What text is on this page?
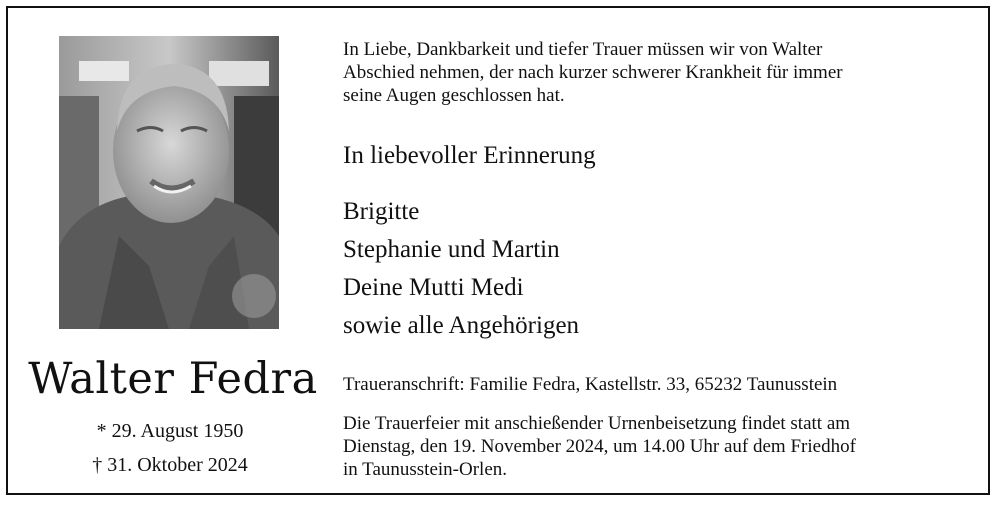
Walter Fedra
* 29. August 1950
† 31. Oktober 2024
In Liebe, Dankbarkeit und tiefer Trauer müssen wir von Walter
Abschied nehmen, der nach kurzer schwerer Krankheit für immer
seine Augen geschlossen hat.
In liebevoller Erinnerung
Brigitte
Stephanie und Martin
Deine Mutti Medi
sowie alle Angehörigen
Traueranschrift: Familie Fedra, Kastellstr. 33, 65232 Taunusstein
Die Trauerfeier mit anschießender Urnenbeisetzung findet statt am
Dienstag, den 19. November 2024, um 14.00 Uhr auf dem Friedhof
in Taunusstein-Orlen.
